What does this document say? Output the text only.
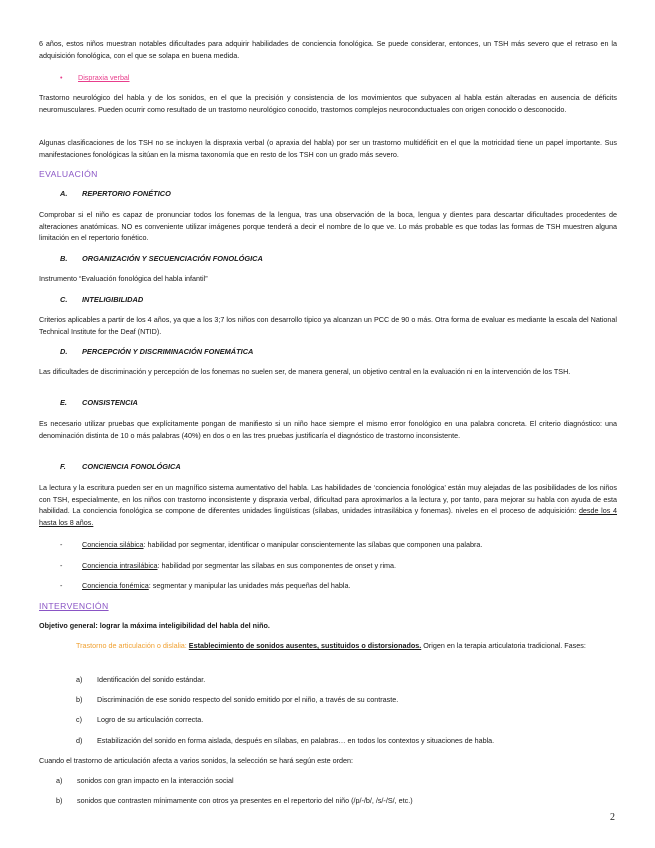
6 años, estos niños muestran notables dificultades para adquirir habilidades de conciencia fonológica. Se puede considerar, entonces, un TSH más severo que el retraso en la adquisición fonológica, con el que se solapa en buena medida.

• Dispraxia verbal

Trastorno neurológico del habla y de los sonidos, en el que la precisión y consistencia de los movimientos que subyacen al habla están alteradas en ausencia de déficits neuromusculares. Pueden ocurrir como resultado de un trastorno neurológico conocido, trastornos complejos neuroconductuales con origen conocido o desconocido.

Algunas clasificaciones de los TSH no se incluyen la dispraxia verbal (o apraxia del habla) por ser un trastorno multidéficit en el que la motricidad tiene un papel importante. Sus manifestaciones fonológicas la sitúan en la misma taxonomía que en resto de los TSH con un grado más severo.

EVALUACIÓN

A. REPERTORIO FONÉTICO

Comprobar si el niño es capaz de pronunciar todos los fonemas de la lengua, tras una observación de la boca, lengua y dientes para descartar dificultades procedentes de alteraciones anatómicas. NO es conveniente utilizar imágenes porque tenderá a decir el nombre de lo que ve. Lo más probable es que todas las formas de TSH muestren alguna limitación en el repertorio fonético.

B. ORGANIZACIÓN Y SECUENCIACIÓN FONOLÓGICA

Instrumento “Evaluación fonológica del habla infantil”

C. INTELIGIBILIDAD

Criterios aplicables a partir de los 4 años, ya que a los 3;7 los niños con desarrollo típico ya alcanzan un PCC de 90 o más. Otra forma de evaluar es mediante la escala del National Technical Institute for the Deaf (NTID).

D. PERCEPCIÓN Y DISCRIMINACIÓN FONEMÁTICA

Las dificultades de discriminación y percepción de los fonemas no suelen ser, de manera general, un objetivo central en la evaluación ni en la intervención de los TSH.

E. CONSISTENCIA

Es necesario utilizar pruebas que explícitamente pongan de manifiesto si un niño hace siempre el mismo error fonológico en una palabra concreta. El criterio diagnóstico: una denominación distinta de 10 o más palabras (40%) en dos o en las tres pruebas justificaría el diagnóstico de trastorno inconsistente.

F. CONCIENCIA FONOLÓGICA

La lectura y la escritura pueden ser en un magnífico sistema aumentativo del habla. Las habilidades de ‘conciencia fonológica’ están muy alejadas de las posibilidades de los niños con TSH, especialmente, en los niños con trastorno inconsistente y dispraxia verbal, dificultad para aproximarlos a la lectura y, por tanto, para mejorar su habla con ayuda de esta habilidad. La conciencia fonológica se compone de diferentes unidades lingüísticas (sílabas, unidades intrasilábica y fonemas). niveles en el proceso de adquisición: desde los 4 hasta los 8 años.

-	Conciencia silábica: habilidad por segmentar, identificar o manipular conscientemente las sílabas que componen una palabra.
-	Conciencia intrasilábica: habilidad por segmentar las sílabas en sus componentes de onset y rima.
-	Conciencia fonémica: segmentar y manipular las unidades más pequeñas del habla.

INTERVENCIÓN

Objetivo general: lograr la máxima inteligibilidad del habla del niño.

Trastorno de articulación o dislalia: Establecimiento de sonidos ausentes, sustituidos o distorsionados. Origen en la terapia articulatoria tradicional. Fases:

a) Identificación del sonido estándar.
b) Discriminación de ese sonido respecto del sonido emitido por el niño, a través de su contraste.
c) Logro de su articulación correcta.
d) Estabilización del sonido en forma aislada, después en sílabas, en palabras… en todos los contextos y situaciones de habla.

Cuando el trastorno de articulación afecta a varios sonidos, la selección se hará según este orden:

a) sonidos con gran impacto en la interacción social
b) sonidos que contrasten mínimamente con otros ya presentes en el repertorio del niño (/p/-/b/, /s/-/S/, etc.)
2
